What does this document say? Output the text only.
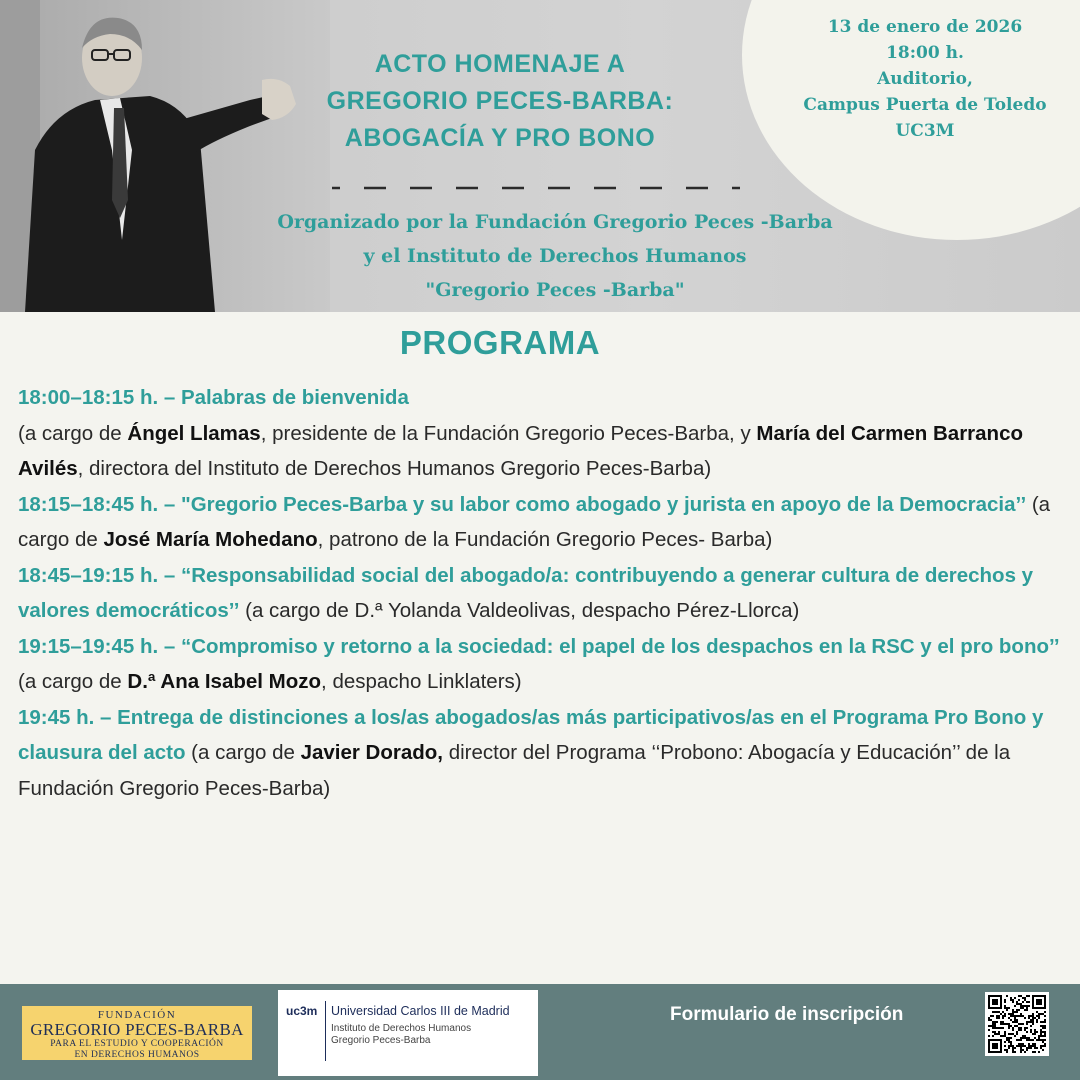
13 de enero de 2026
18:00 h.
Auditorio,
Campus Puerta de Toledo
UC3M
ACTO HOMENAJE A
GREGORIO PECES-BARBA:
ABOGACÍA Y PRO BONO
Organizado por la Fundación Gregorio Peces -Barba
y el Instituto de Derechos Humanos
"Gregorio Peces -Barba"
PROGRAMA

18:00–18:15 h. – Palabras de bienvenida
(a cargo de Ángel Llamas, presidente de la Fundación Gregorio Peces-Barba, y María del Carmen Barranco Avilés, directora del Instituto de Derechos Humanos Gregorio Peces-Barba)

18:15–18:45 h. – "Gregorio Peces-Barba y su labor como abogado y jurista en apoyo de la Democracia’’ (a cargo de José María Mohedano, patrono de la Fundación Gregorio Peces- Barba)

18:45–19:15 h. – “Responsabilidad social del abogado/a: contribuyendo a generar cultura de derechos y valores democráticos’’ (a cargo de D.ª Yolanda Valdeolivas, despacho Pérez-Llorca)

19:15–19:45 h. – “Compromiso y retorno a la sociedad: el papel de los despachos en la RSC y el pro bono’’ (a cargo de D.ª Ana Isabel Mozo, despacho Linklaters)

19:45 h. – Entrega de distinciones a los/as abogados/as más participativos/as en el Programa Pro Bono y clausura del acto (a cargo de Javier Dorado, director del Programa ‘‘Probono: Abogacía y Educación’’ de la Fundación Gregorio Peces-Barba)

FUNDACIÓN
GREGORIO PECES-BARBA
PARA EL ESTUDIO Y COOPERACIÓN
EN DERECHOS HUMANOS
uc3m Universidad Carlos III de Madrid
Instituto de Derechos Humanos
Gregorio Peces-Barba
Formulario de inscripción
